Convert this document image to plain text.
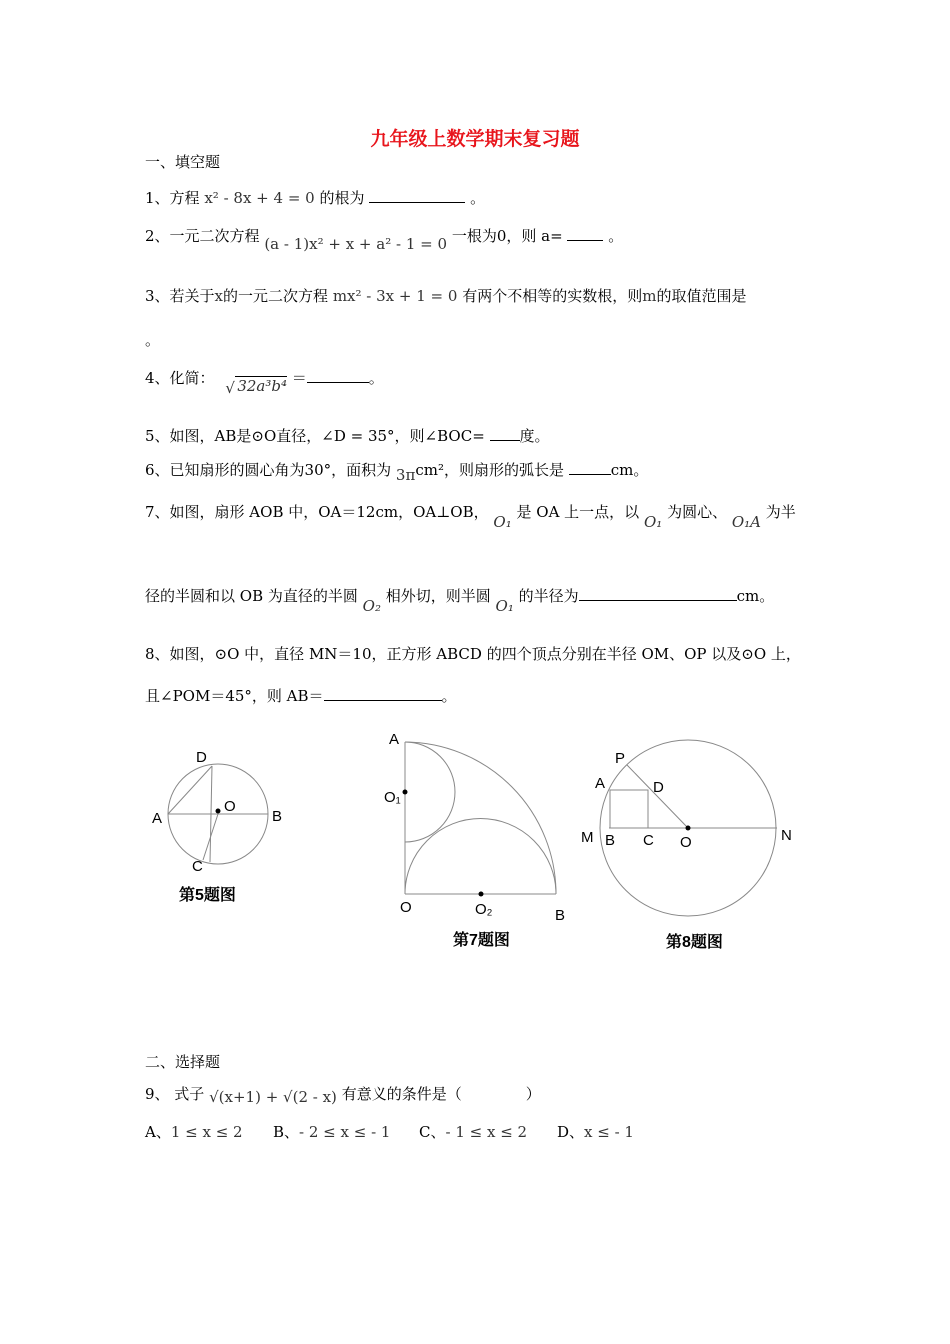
九年级上数学期末复习题
一、填空题
1、方程 x² - 8x + 4 = 0 的根为	。
2、一元二次方程 (a - 1)x² + x + a² - 1 = 0 一根为0，则 a=	。
3、若关于x的一元二次方程 mx² - 3x + 1 = 0 有两个不相等的实数根，则m的取值范围是
。
4、化简：
√ 32a³b⁴ ＝	。
5、如图，AB是⊙O直径，∠D = 35°，则∠BOC= 度。
6、已知扇形的圆心角为30°，面积为 3πcm²，则扇形的弧长是	cm。
7、如图，扇形 AOB 中，OA＝12cm，OA⊥OB， O₁ 是 OA 上一点，以 O₁ 为圆心、 O₁A 为半
径的半圆和以 OB 为直径的半圆 O₂ 相外切，则半圆 O₁ 的半径为	cm。
8、如图，⊙O 中，直径 MN＝10，正方形 ABCD 的四个顶点分别在半径 OM、OP 以及⊙O 上，
且∠POM＝45°，则 AB＝	。
D
A
O
B
C
第5题图
A
O₁
O	O₂	B
第7题图
P
A	D
M B C O	N
第8题图
二、选择题
9、 式子 √(x+1) + √(2 - x) 有意义的条件是（	）
A、1 ≤ x ≤ 2 B、- 2 ≤ x ≤ - 1 C、- 1 ≤ x ≤ 2 D、x ≤ - 1
